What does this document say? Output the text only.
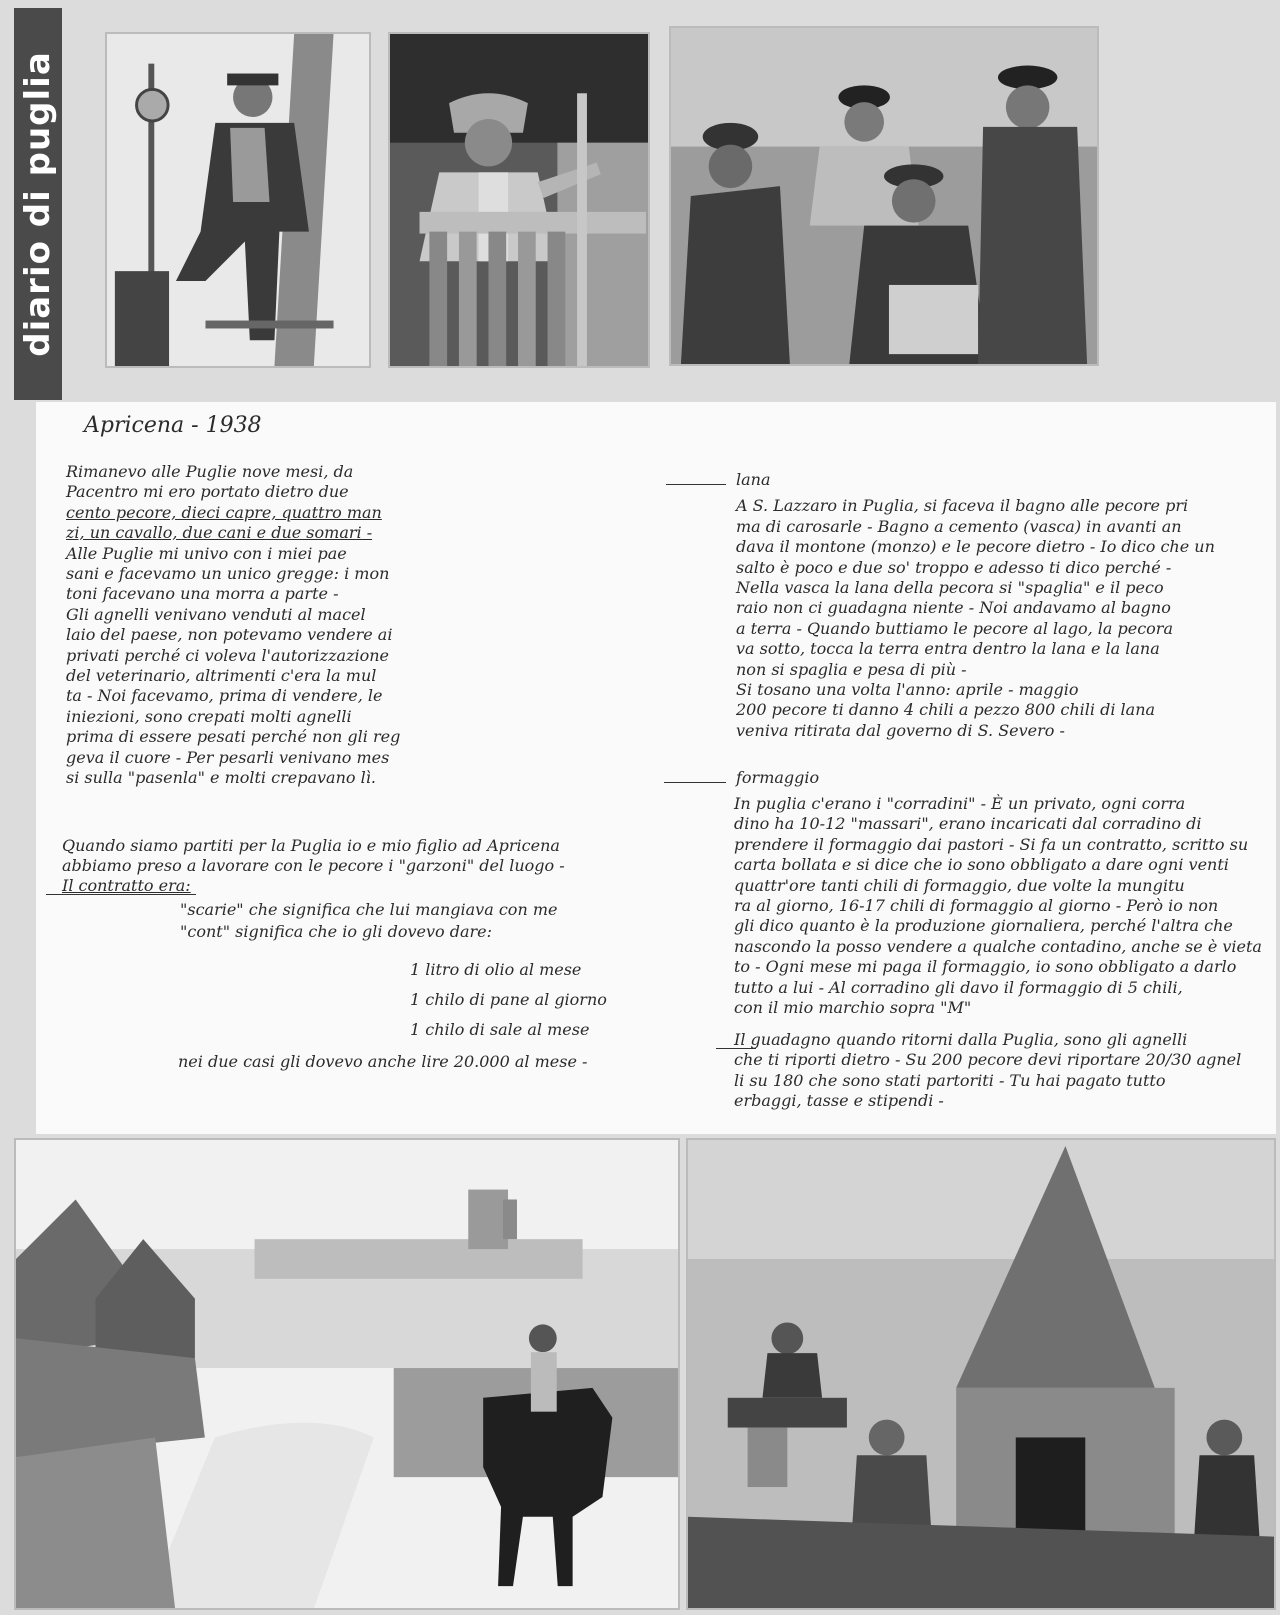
diario di puglia
Apricena - 1938
Rimanevo alle Puglie nove mesi, da
Pacentro mi ero portato dietro due
cento pecore, dieci capre, quattro man
zi, un cavallo, due cani e due somari -
Alle Puglie mi univo con i miei pae
sani e facevamo un unico gregge: i mon
toni facevano una morra a parte -
Gli agnelli venivano venduti al macel
laio del paese, non potevamo vendere ai
privati perché ci voleva l'autorizzazione
del veterinario, altrimenti c'era la mul
ta - Noi facevamo, prima di vendere, le
iniezioni, sono crepati molti agnelli
prima di essere pesati perché non gli reg
geva il cuore - Per pesarli venivano mes
si sulla "pasenla" e molti crepavano lì.
Quando siamo partiti per la Puglia io e mio figlio ad Apricena
abbiamo preso a lavorare con le pecore i "garzoni" del luogo -
Il contratto era:
"scarie" che significa che lui mangiava con me
"cont" significa che io gli dovevo dare:
1 litro di olio al mese
1 chilo di pane al giorno
1 chilo di sale al mese
nei due casi gli dovevo anche lire 20.000 al mese -
lana
A S. Lazzaro in Puglia, si faceva il bagno alle pecore pri
ma di carosarle - Bagno a cemento (vasca) in avanti an
dava il montone (monzo) e le pecore dietro - Io dico che un
salto è poco e due so' troppo e adesso ti dico perché -
Nella vasca la lana della pecora si "spaglia" e il peco
raio non ci guadagna niente - Noi andavamo al bagno
a terra - Quando buttiamo le pecore al lago, la pecora
va sotto, tocca la terra entra dentro la lana e la lana
non si spaglia e pesa di più -
Si tosano una volta l'anno: aprile - maggio
200 pecore ti danno 4 chili a pezzo 800 chili di lana
veniva ritirata dal governo di S. Severo -
formaggio
In puglia c'erano i "corradini" - È un privato, ogni corra
dino ha 10-12 "massari", erano incaricati dal corradino di
prendere il formaggio dai pastori - Si fa un contratto, scritto su
carta bollata e si dice che io sono obbligato a dare ogni venti
quattr'ore tanti chili di formaggio, due volte la mungitu
ra al giorno, 16-17 chili di formaggio al giorno - Però io non
gli dico quanto è la produzione giornaliera, perché l'altra che
nascondo la posso vendere a qualche contadino, anche se è vieta
to - Ogni mese mi paga il formaggio, io sono obbligato a darlo
tutto a lui - Al corradino gli davo il formaggio di 5 chili,
con il mio marchio sopra "M"
Il guadagno quando ritorni dalla Puglia, sono gli agnelli
che ti riporti dietro - Su 200 pecore devi riportare 20/30 agnel
li su 180 che sono stati partoriti - Tu hai pagato tutto
erbaggi, tasse e stipendi -
